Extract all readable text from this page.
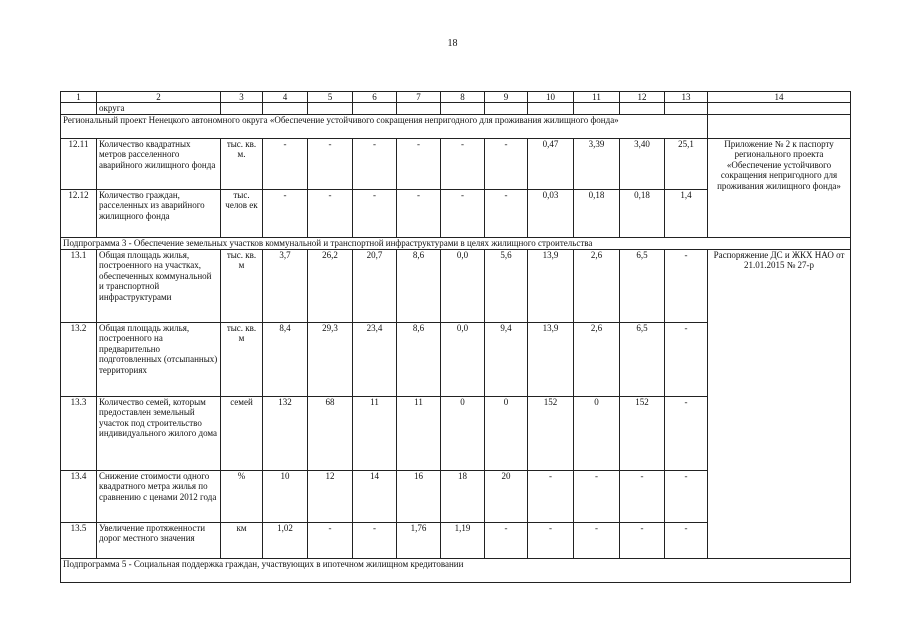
18
1	2	3	4	5	6	7	8	9	10	11	12	13	14
	округа												
Региональный проект Ненецкого автономного округа «Обеспечение устойчивого сокращения непригодного для проживания жилищного фонда»													
12.11	Количество квадратных метров расселенного аварийного жилищного фонда	тыс. кв. м.	-	-	-	-	-	-	0,47	3,39	3,40	25,1	Приложение № 2 к паспорту регионального проекта «Обеспечение устойчивого сокращения непригодного для проживания жилищного фонда»
12.12	Количество граждан, расселенных из аварийного жилищного фонда	тыс. челов ек	-	-	-	-	-	-	0,03	0,18	0,18	1,4	
Подпрограмма 3 - Обеспечение земельных участков коммунальной и транспортной инфраструктурами в целях жилищного строительства													
13.1	Общая площадь жилья, построенного на участках, обеспеченных коммунальной и транспортной инфраструктурами	тыс. кв. м	3,7	26,2	20,7	8,6	0,0	5,6	13,9	2,6	6,5	-	Распоряжение ДС и ЖКХ НАО от 21.01.2015 № 27-р
13.2	Общая площадь жилья, построенного на предварительно подготовленных (отсыпанных) территориях	тыс. кв. м	8,4	29,3	23,4	8,6	0,0	9,4	13,9	2,6	6,5	-	
13.3	Количество семей, которым предоставлен земельный участок под строительство индивидуального жилого дома	семей	132	68	11	11	0	0	152	0	152	-	
13.4	Снижение стоимости одного квадратного метра жилья по сравнению с ценами 2012 года	%	10	12	14	16	18	20	-	-	-	-	
13.5	Увеличение протяженности дорог местного значения	км	1,02	-	-	1,76	1,19	-	-	-	-	-	
Подпрограмма 5 - Социальная поддержка граждан, участвующих в ипотечном жилищном кредитовании													
